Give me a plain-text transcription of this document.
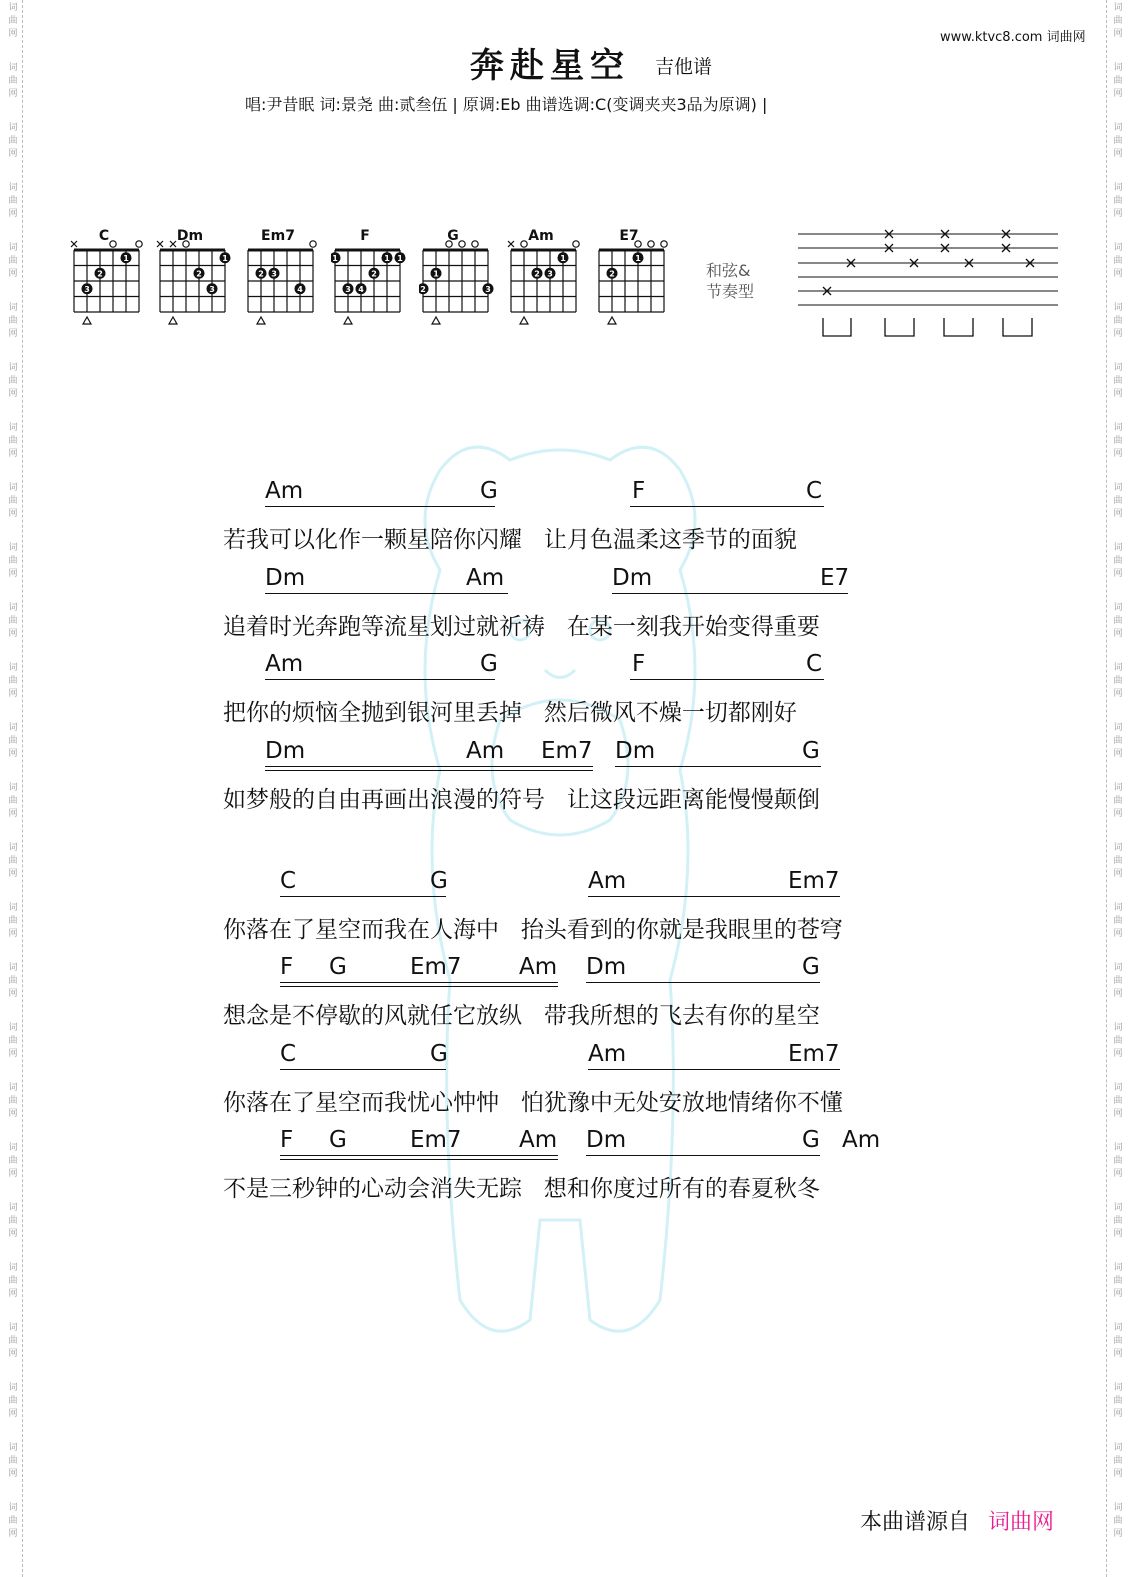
词
曲
网
词
曲
网
词
曲
网
词
曲
网
词
曲
网
词
曲
网
词
曲
网
词
曲
网
词
曲
网
词
曲
网
词
曲
网
词
曲
网
词
曲
网
词
曲
网
词
曲
网
词
曲
网
词
曲
网
词
曲
网
词
曲
网
词
曲
网
词
曲
网
词
曲
网
词
曲
网
词
曲
网
词
曲
网
词
曲
网
词
曲
网
词
曲
网
词
曲
网
词
曲
网
词
曲
网
词
曲
网
词
曲
网
词
曲
网
词
曲
网
词
曲
网
词
曲
网
词
曲
网
词
曲
网
词
曲
网
词
曲
网
词
曲
网
词
曲
网
词
曲
网
词
曲
网
词
曲
网
词
曲
网
词
曲
网
词
曲
网
词
曲
网
词
曲
网
词
曲
网
www.ktvc8.com 词曲网
奔赴星空 吉他谱
唱:尹昔眠 词:景尧 曲:贰叁伍 | 原调:Eb 曲谱选调:C(变调夹夹3品为原调) |
C
3
2
1
Dm
2
3
1
Em7
2 3
4
F
1
3 4
2
1 1
G
2
1
3
Am
2 3
1
E7
2
1
和弦&
节奏型
Am	G	F	C
若我可以化作一颗星陪你闪耀   让月色温柔这季节的面貌
Dm	Am	Dm	E7
追着时光奔跑等流星划过就祈祷   在某一刻我开始变得重要
Am	G	F	C
把你的烦恼全抛到银河里丢掉   然后微风不燥一切都刚好
Dm	Am Em7 Dm	G
如梦般的自由再画出浪漫的符号   让这段远距离能慢慢颠倒
C	G	Am	Em7
你落在了星空而我在人海中   抬头看到的你就是我眼里的苍穹
F G	Em7 Am Dm	G
想念是不停歇的风就任它放纵   带我所想的飞去有你的星空
C	G	Am	Em7
你落在了星空而我忧心忡忡   怕犹豫中无处安放地情绪你不懂
F G	Em7 Am Dm	G Am
不是三秒钟的心动会消失无踪   想和你度过所有的春夏秋冬
本曲谱源自 词曲网
